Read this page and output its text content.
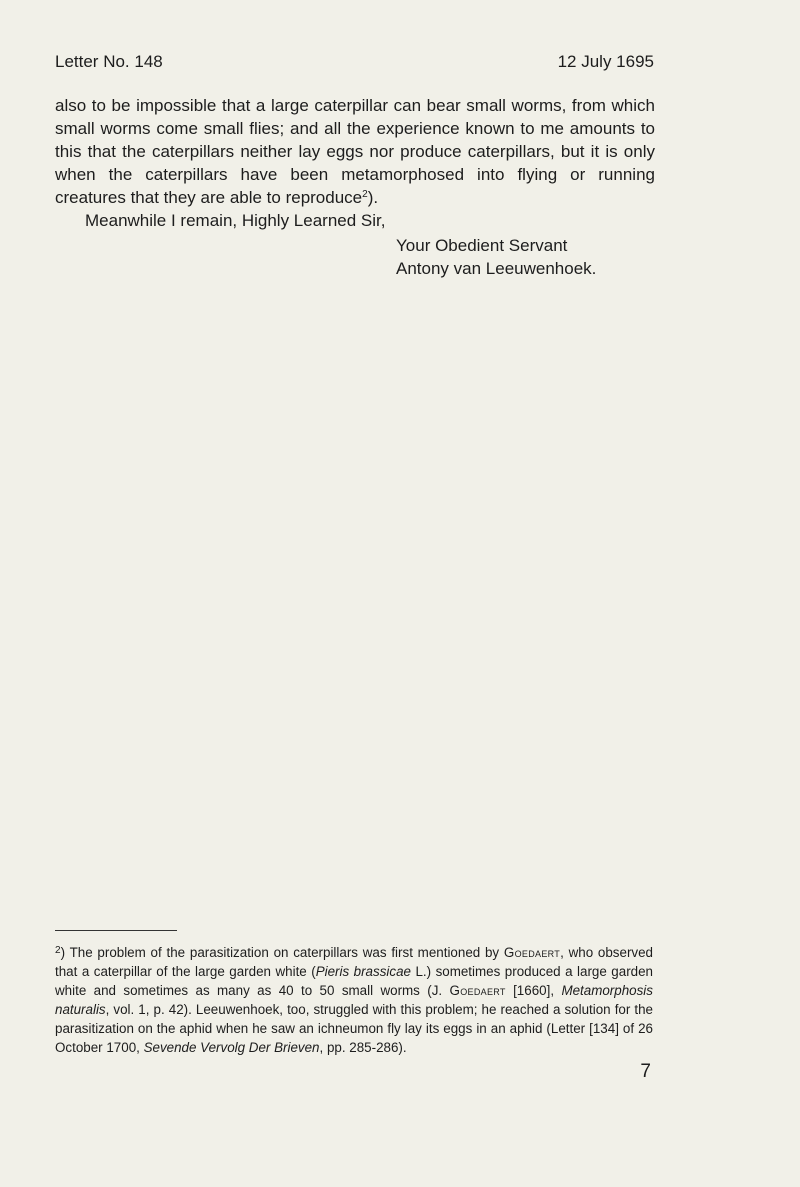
Letter No. 148	12 July 1695

also to be impossible that a large caterpillar can bear small worms, from which small worms come small flies; and all the experience known to me amounts to this that the caterpillars neither lay eggs nor produce caterpillars, but it is only when the caterpillars have been metamorphosed into flying or running creatures that they are able to reproduce$^2$).

Meanwhile I remain, Highly Learned Sir,

Your Obedient Servant
Antony van Leeuwenhoek.

$^2$) The problem of the parasitization on caterpillars was first mentioned by Goedaert, who observed that a caterpillar of the large garden white (Pieris brassicae L.) sometimes produced a large garden white and sometimes as many as 40 to 50 small worms (J. Goedaert [1660], Metamorphosis naturalis, vol. 1, p. 42). Leeuwenhoek, too, struggled with this problem; he reached a solution for the parasitization on the aphid when he saw an ichneumon fly lay its eggs in an aphid (Letter [134] of 26 October 1700, Sevende Vervolg Der Brieven, pp. 285-286).

7
